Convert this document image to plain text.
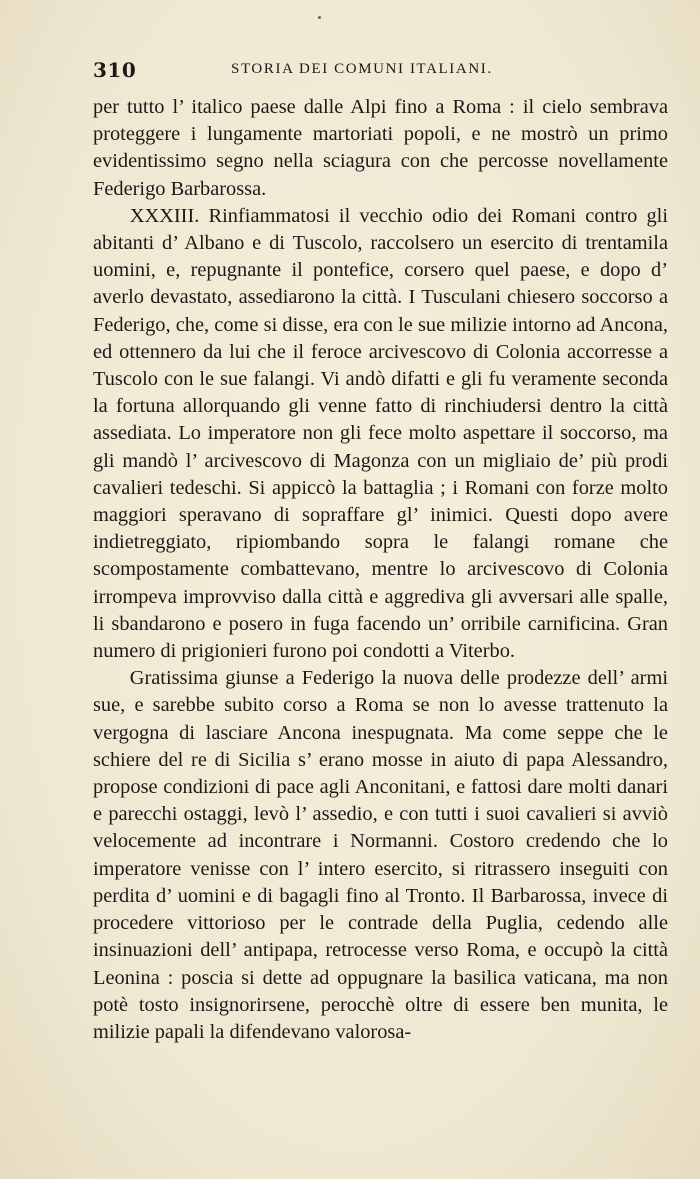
310	STORIA DEI COMUNI ITALIANI.

per tutto l’ italico paese dalle Alpi fino a Roma : il cielo sembrava proteggere i lungamente martoriati popoli, e ne mostrò un primo evidentissimo segno nella sciagura con che percosse novellamente Federigo Barbarossa.

XXXIII. Rinfiammatosi il vecchio odio dei Romani contro gli abitanti d’ Albano e di Tuscolo, raccolsero un esercito di trentamila uomini, e, repugnante il pontefice, corsero quel paese, e dopo d’ averlo devastato, assediarono la città. I Tusculani chiesero soccorso a Federigo, che, come si disse, era con le sue milizie intorno ad Ancona, ed ottennero da lui che il feroce arcivescovo di Colonia accorresse a Tuscolo con le sue falangi. Vi andò difatti e gli fu veramente seconda la fortuna allorquando gli venne fatto di rinchiudersi dentro la città assediata. Lo imperatore non gli fece molto aspettare il soccorso, ma gli mandò l’ arcivescovo di Magonza con un migliaio de’ più prodi cavalieri tedeschi. Si appiccò la battaglia ; i Romani con forze molto maggiori speravano di sopraffare gl’ inimici. Questi dopo avere indietreggiato, ripiombando sopra le falangi romane che scompostamente combattevano, mentre lo arcivescovo di Colonia irrompeva improvviso dalla città e aggrediva gli avversari alle spalle, li sbandarono e posero in fuga facendo un’ orribile carnificina. Gran numero di prigionieri furono poi condotti a Viterbo.

Gratissima giunse a Federigo la nuova delle prodezze dell’ armi sue, e sarebbe subito corso a Roma se non lo avesse trattenuto la vergogna di lasciare Ancona inespugnata. Ma come seppe che le schiere del re di Sicilia s’ erano mosse in aiuto di papa Alessandro, propose condizioni di pace agli Anconitani, e fattosi dare molti danari e parecchi ostaggi, levò l’ assedio, e con tutti i suoi cavalieri si avviò velocemente ad incontrare i Normanni. Costoro credendo che lo imperatore venisse con l’ intero esercito, si ritrassero inseguiti con perdita d’ uomini e di bagagli fino al Tronto. Il Barbarossa, invece di procedere vittorioso per le contrade della Puglia, cedendo alle insinuazioni dell’ antipapa, retrocesse verso Roma, e occupò la città Leonina : poscia si dette ad oppugnare la basilica vaticana, ma non potè tosto insignorirsene, perocchè oltre di essere ben munita, le milizie papali la difendevano valorosa-
